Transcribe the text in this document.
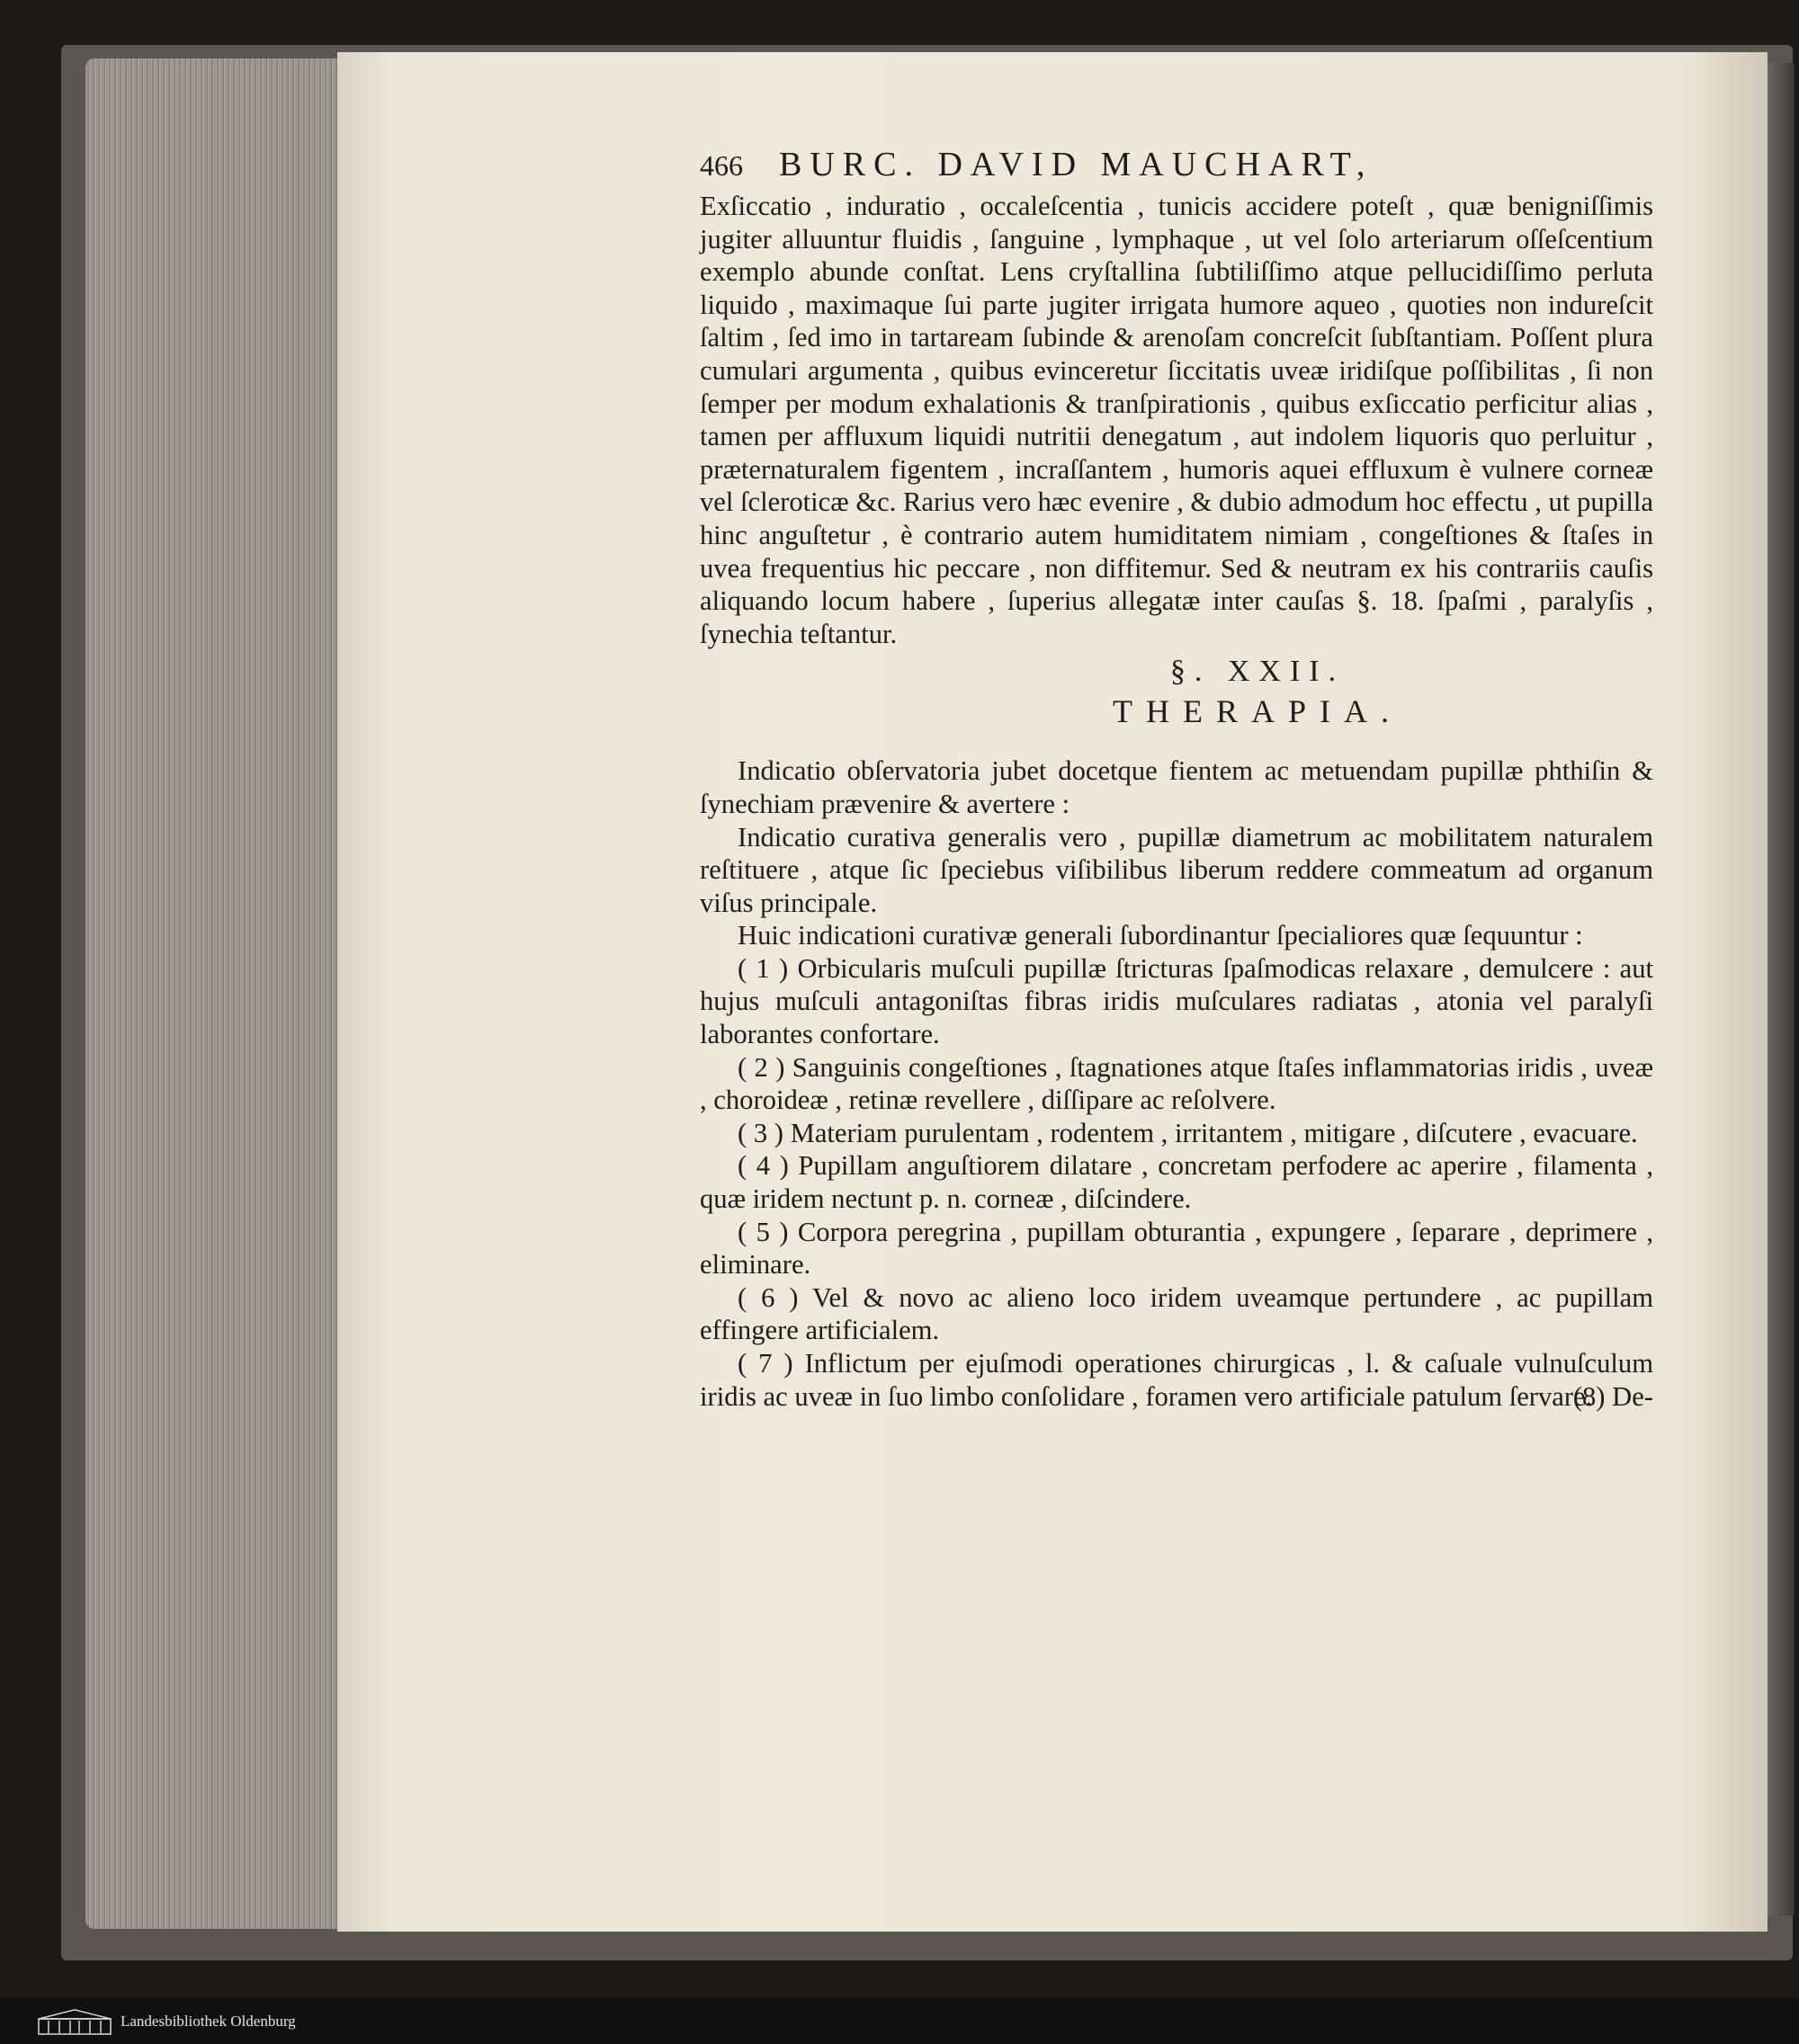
466 BURC. DAVID MAUCHART,

Exſiccatio , induratio , occaleſcentia , tunicis accidere poteſt , quæ benigniſſimis jugiter alluuntur fluidis , ſanguine , lymphaque , ut vel ſolo arteriarum oſſeſcentium exemplo abunde conſtat. Lens cryſtallina ſubtiliſſimo atque pellucidiſſimo perluta liquido , maximaque ſui parte jugiter irrigata humore aqueo , quoties non indureſcit ſaltim , ſed imo in tartaream ſubinde & arenoſam concreſcit ſubſtantiam. Poſſent plura cumulari argumenta , quibus evinceretur ſiccitatis uveæ iridiſque poſſibilitas , ſi non ſemper per modum exhalationis & tranſpirationis , quibus exſiccatio perficitur alias , tamen per affluxum liquidi nutritii denegatum , aut indolem liquoris quo perluitur , præternaturalem figentem , incraſſantem , humoris aquei effluxum è vulnere corneæ vel ſcleroticæ &c. Rarius vero hæc evenire , & dubio admodum hoc effectu , ut pupilla hinc anguſtetur , è contrario autem humiditatem nimiam , congeſtiones & ſtaſes in uvea frequentius hic peccare , non diffitemur. Sed & neutram ex his contrariis cauſis aliquando locum habere , ſuperius allegatæ inter cauſas §. 18. ſpaſmi , paralyſis , ſynechia teſtantur.

§. XXII.
THERAPIA.

Indicatio obſervatoria jubet docetque fientem ac metuendam pupillæ phthiſin & ſynechiam prævenire & avertere :

Indicatio curativa generalis vero , pupillæ diametrum ac mobilitatem naturalem reſtituere , atque ſic ſpeciebus viſibilibus liberum reddere commeatum ad organum viſus principale.

Huic indicationi curativæ generali ſubordinantur ſpecialiores quæ ſequuntur :

( 1 ) Orbicularis muſculi pupillæ ſtricturas ſpaſmodicas relaxare , demulcere : aut hujus muſculi antagoniſtas fibras iridis muſculares radiatas , atonia vel paralyſi laborantes confortare.

( 2 ) Sanguinis congeſtiones , ſtagnationes atque ſtaſes inflammatorias iridis , uveæ , choroideæ , retinæ revellere , diſſipare ac reſolvere.

( 3 ) Materiam purulentam , rodentem , irritantem , mitigare , diſcutere , evacuare.

( 4 ) Pupillam anguſtiorem dilatare , concretam perfodere ac aperire , filamenta , quæ iridem nectunt p. n. corneæ , diſcindere.

( 5 ) Corpora peregrina , pupillam obturantia , expungere , ſeparare , deprimere , eliminare.

( 6 ) Vel & novo ac alieno loco iridem uveamque pertundere , ac pupillam effingere artificialem.

( 7 ) Inflictum per ejuſmodi operationes chirurgicas , l. & caſuale vulnuſculum iridis ac uveæ in ſuo limbo conſolidare , foramen vero artificiale patulum ſervare.

(8) De-
Landesbibliothek Oldenburg
